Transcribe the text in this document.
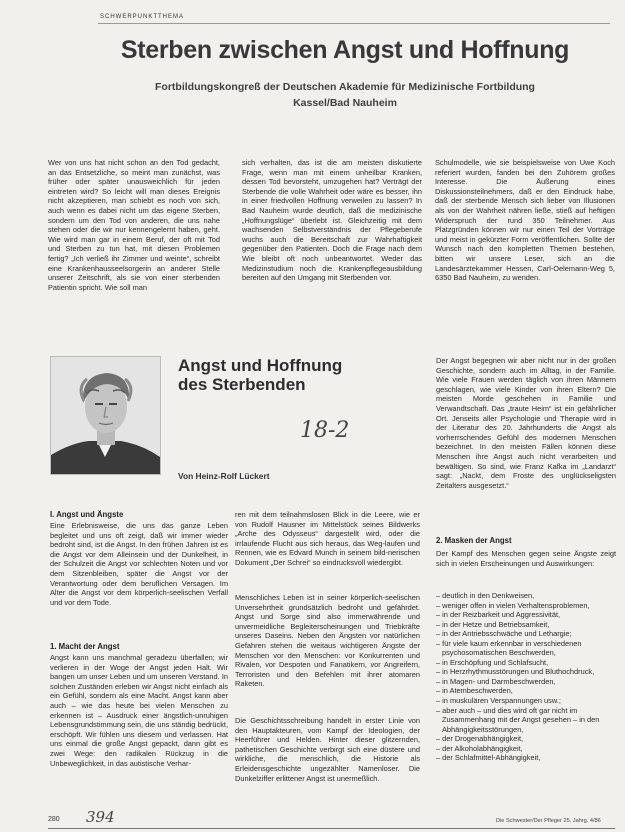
SCHWERPUNKTTHEMA
Sterben zwischen Angst und Hoffnung
Fortbildungskongreß der Deutschen Akademie für Medizinische Fortbildung
Kassel/Bad Nauheim

Wer von uns hat nicht schon an den Tod gedacht, an das Entsetzliche, so meint man zunächst, was früher oder später unausweichlich für jeden eintreten wird? So leicht will man dieses Ereignis nicht akzeptieren, man schiebt es noch von sich, auch wenn es dabei nicht um das eigene Sterben, sondern um den Tod von anderen, die uns nahe stehen oder die wir nur kennengelernt haben, geht. Wie wird man gar in einem Beruf, der oft mit Tod und Sterben zu tun hat, mit diesen Problemen fertig? „Ich verließ ihr Zimmer und weinte“, schreibt eine Krankenhausseelsorgerin an anderer Stelle unserer Zeitschrift, als sie von einer sterbenden Patientin spricht. Wie soll man

sich verhalten, das ist die am meisten diskutierte Frage, wenn man mit einem unheilbar Kranken, dessen Tod bevorsteht, umzugehen hat? Verträgt der Sterbende die volle Wahrheit oder wäre es besser, ihn in einer friedvollen Hoffnung verweilen zu lassen? In Bad Nauheim wurde deutlich, daß die medizinische „Hoffnungslüge“ überlebt ist. Gleichzeitig mit dem wachsenden Selbstverständnis der Pflegeberufe wuchs auch die Bereitschaft zur Wahrhaftigkeit gegenüber den Patienten. Doch die Frage nach dem Wie bleibt oft noch unbeantwortet. Weder das Medizinstudium noch die Krankenpflegeausbildung bereiten auf den Umgang mit Sterbenden vor.

Schulmodelle, wie sie beispielsweise von Uwe Koch referiert wurden, fanden bei den Zuhörern großes Interesse. Die Äußerung eines Diskussionsteilnehmers, daß er den Eindruck habe, daß der sterbende Mensch sich lieber von Illusionen als von der Wahrheit nähren ließe, stieß auf heftigen Widerspruch der rund 350 Teilnehmer. Aus Platzgründen können wir nur einen Teil der Vorträge und meist in gekürzter Form veröffentlichen. Sollte der Wunsch nach den kompletten Themen bestehen, bitten wir unsere Leser, sich an die Landesärztekammer Hessen, Carl-Oelemann-Weg 5, 6350 Bad Nauheim, zu wenden.

Angst und Hoffnung
des Sterbenden
18-2
Von Heinz-Rolf Lückert
I. Angst und Ängste

Eine Erlebnisweise, die uns das ganze Leben begleitet und uns oft zeigt, daß wir immer wieder bedroht sind, ist die Angst. In den frühen Jahren ist es die Angst vor dem Alleinsein und der Dunkelheit, in der Schulzeit die Angst vor schlechten Noten und vor dem Sitzenbleiben, später die Angst vor der Verantwortung oder dem beruflichen Versagen. Im Alter die Angst vor dem körperlich-seelischen Verfall und vor dem Tode.

1. Macht der Angst

Angst kann uns manchmal geradezu überfallen; wir verlieren in der Woge der Angst jeden Halt. Wir bangen um unser Leben und um unseren Verstand. In solchen Zuständen erleben wir Angst nicht einfach als ein Gefühl, sondern als eine Macht. Angst kann aber auch – wie das heute bei vielen Menschen zu erkennen ist – Ausdruck einer ängstlich-unruhigen Lebensgrundstimmung sein, die uns ständig bedrückt, erschöpft. Wir fühlen uns diesem und verlassen. Hat uns einmal die große Angst gepackt, dann gibt es zwei Wege: den radikalen Rückzug in die Unbeweglichkeit, in das autistische Verhar-

ren mit dem teilnahmslosen Blick in die Leere, wie er von Rudolf Hausner im Mittelstück seines Bildwerks „Arche des Odysseus“ dargestellt wird, oder die irrlaufende Flucht aus sich heraus, das Weg-laufen und Rennen, wie es Edvard Munch in seinem bild-nerischen Dokument „Der Schrei“ so eindrucksvoll wiedergibt.

Menschliches Leben ist in seiner körperlich-seelischen Unversehrtheit grundsätzlich bedroht und gefährdet. Angst und Sorge sind also immerwährende und unvermeidliche Begleiterscheinungen und Triebkräfte unseres Daseins. Neben den Ängsten vor natürlichen Gefahren stehen die weitaus wichtigeren Ängste der Menschen vor den Menschen: vor Konkurrenten und Rivalen, vor Despoten und Fanatikern, vor Angreifern, Terroristen und den Befehlen mit ihrer atomaren Raketen.

Die Geschichtsschreibung handelt in erster Linie von den Hauptakteuren, vom Kampf der Ideologien, der Heerführer und Helden. Hinter dieser glitzernden, pathetischen Geschichte verbirgt sich eine düstere und wirkliche, die menschlich, die Historie als Erleidensgeschichte ungezählter Namenloser. Die Dunkelziffer erlittener Angst ist unermeßlich.

Der Angst begegnen wir aber nicht nur in der großen Geschichte, sondern auch im Alltag, in der Familie. Wie viele Frauen werden täglich von ihren Männern geschlagen, wie viele Kinder von ihren Eltern? Die meisten Morde geschehen in Familie und Verwandtschaft. Das „traute Heim“ ist ein gefährlicher Ort. Jenseits aller Psychologie und Therapie wird in der Literatur des 20. Jahrhunderts die Angst als vorherrschendes Gefühl des modernen Menschen bezeichnet. In den meisten Fällen können diese Menschen ihre Angst auch nicht verarbeiten und bewältigen. So sind, wie Franz Kafka im „Landarzt“ sagt: „Nackt, dem Froste des unglückseligsten Zeitalters ausgesetzt.“

2. Masken der Angst

Der Kampf des Menschen gegen seine Ängste zeigt sich in vielen Erscheinungen und Auswirkungen:

– deutlich in den Denkweisen,
– weniger offen in vielen Verhaltensproblemen,
– in der Reizbarkeit und Aggressivität,
– in der Hetze und Betriebsamkeit,
– in der Antriebsschwäche und Lethargie;
– für viele kaum erkennbar in verschiedenen psychosomatischen Beschwerden,
– in Erschöpfung und Schlafsucht,
– in Herzrhythmusstörungen und Bluthochdruck,
– in Magen- und Darmbeschwerden,
– in Atembeschwerden,
– in muskulären Verspannungen usw.;
– aber auch – und dies wird oft gar nicht im Zusammenhang mit der Angst gesehen – in den Abhängigkeitsstörungen,
– der Drogenabhängigkeit,
– der Alkoholabhängigkeit,
– der Schlafmittel-Abhängigkeit,
280 394	Die Schwester/Der Pfleger 25. Jahrg. 4/86
